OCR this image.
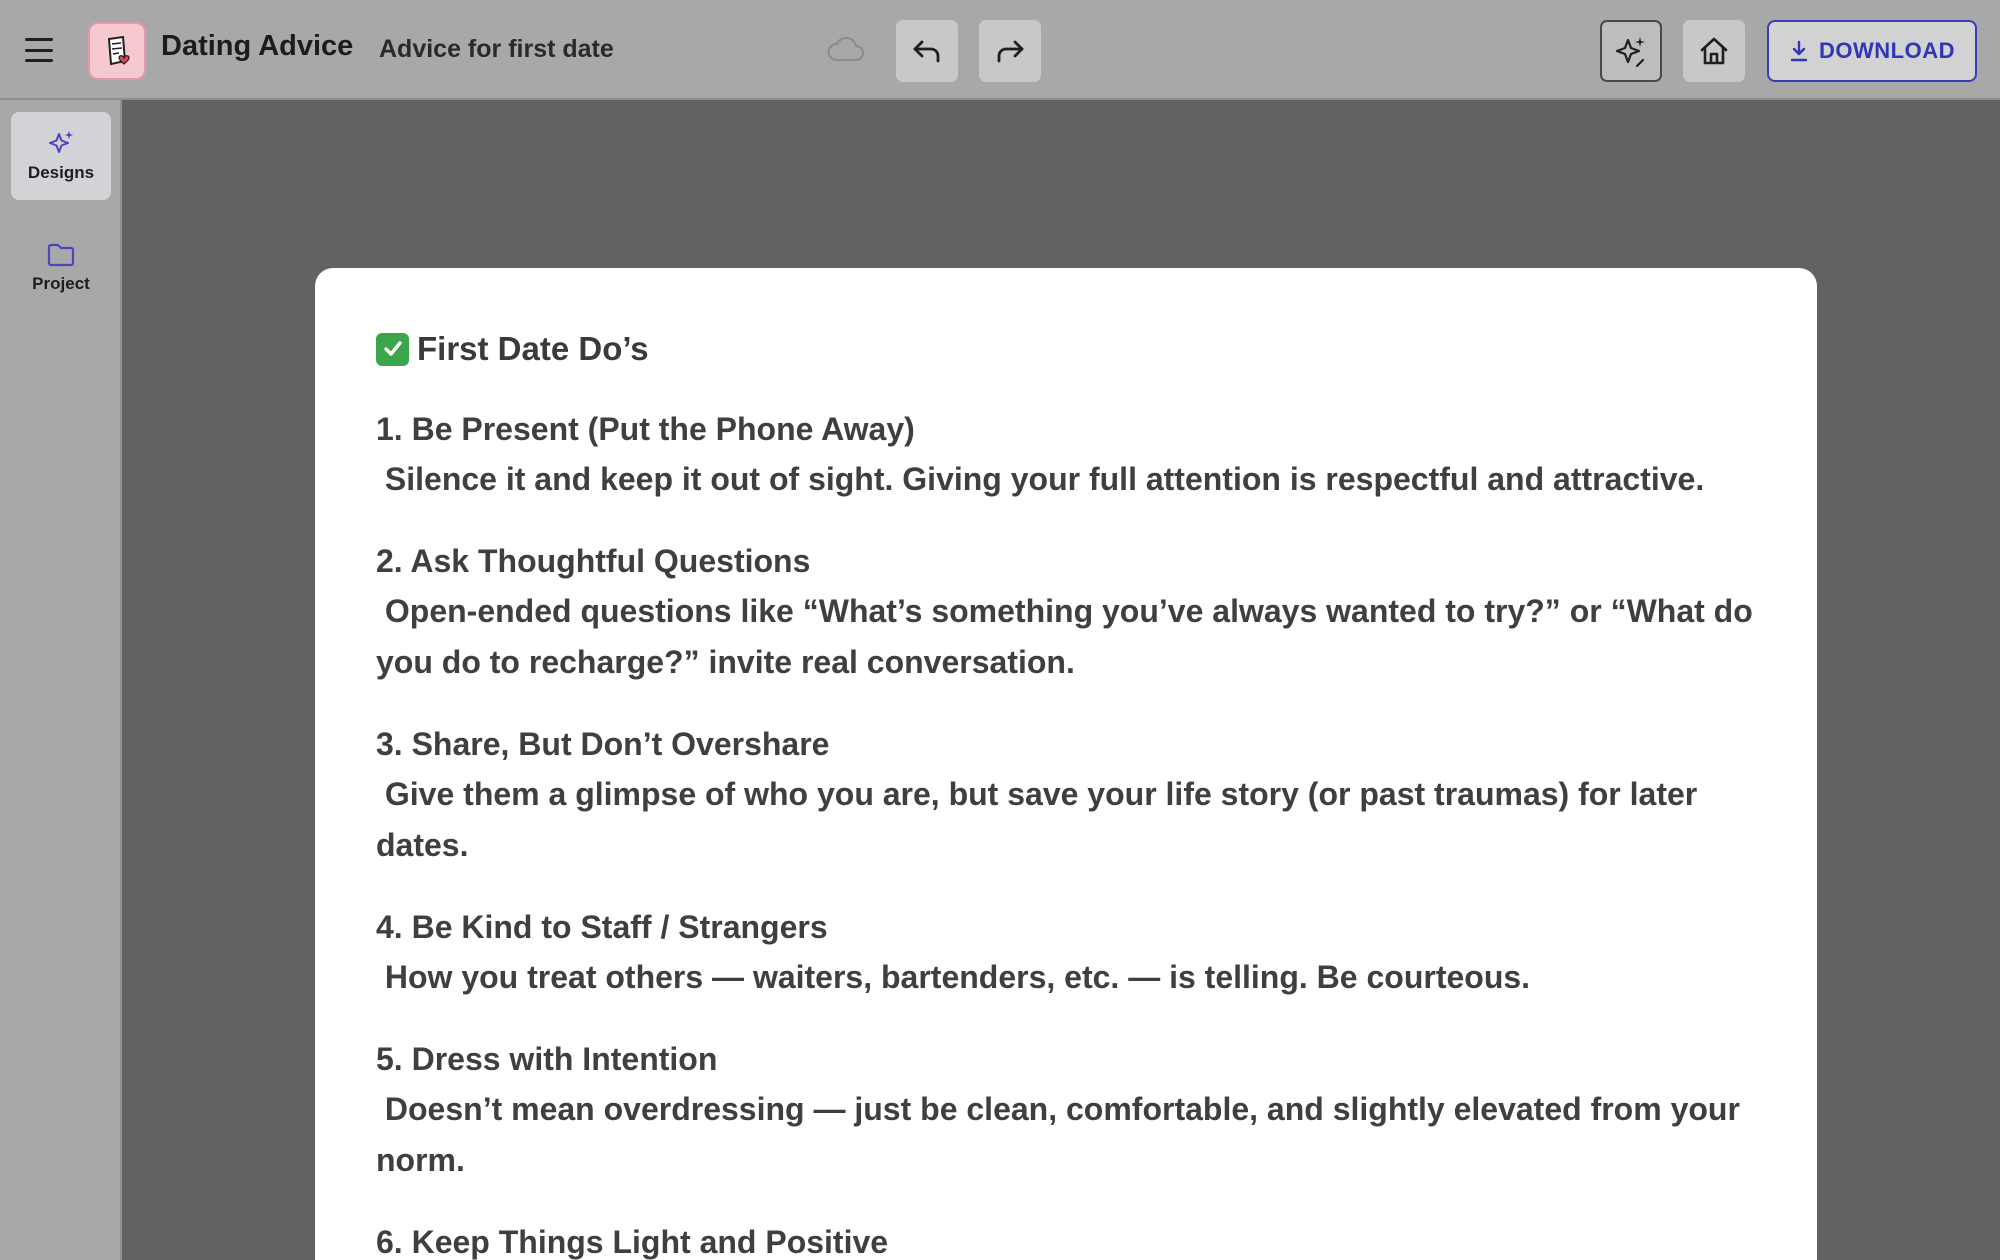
Dating Advice Advice for first date	DOWNLOAD
Designs
Project
First Date Do’s
1. Be Present (Put the Phone Away)
Silence it and keep it out of sight. Giving your full attention is respectful and attractive.
2. Ask Thoughtful Questions
Open-ended questions like “What’s something you’ve always wanted to try?” or “What do you do to recharge?” invite real conversation.
3. Share, But Don’t Overshare
Give them a glimpse of who you are, but save your life story (or past traumas) for later dates.
4. Be Kind to Staff / Strangers
How you treat others — waiters, bartenders, etc. — is telling. Be courteous.
5. Dress with Intention
Doesn’t mean overdressing — just be clean, comfortable, and slightly elevated from your norm.
6. Keep Things Light and Positive
